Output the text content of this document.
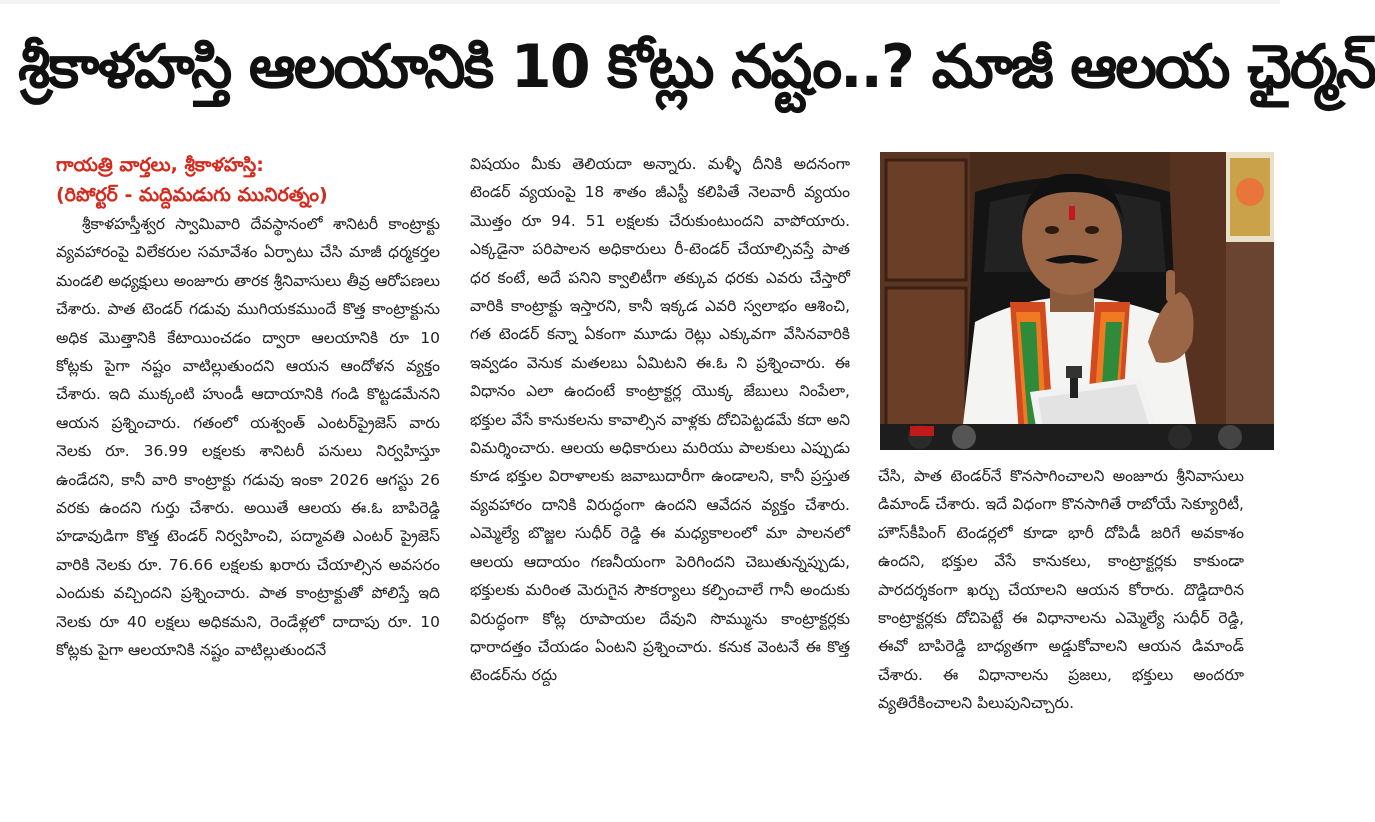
శ్రీకాళహస్తి ఆలయానికి 10 కోట్లు నష్టం..? మాజీ ఆలయ ఛైర్మన్
గాయత్రి వార్తలు, శ్రీకాళహస్తి:
(రిపోర్టర్ - మద్దిమడుగు మునిరత్నం)

శ్రీకాళహస్తీశ్వర స్వామివారి దేవస్థానంలో శానిటరీ కాంట్రాక్టు వ్యవహారంపై విలేకరుల సమావేశం ఏర్పాటు చేసి మాజీ ధర్మకర్తల మండలి అధ్యక్షులు అంజూరు తారక శ్రీనివాసులు తీవ్ర ఆరోపణలు చేశారు. పాత టెండర్ గడువు ముగియకముందే కొత్త కాంట్రాక్టును అధిక మొత్తానికి కేటాయించడం ద్వారా ఆలయానికి రూ 10 కోట్లకు పైగా నష్టం వాటిల్లుతుందని ఆయన ఆందోళన వ్యక్తం చేశారు. ఇది ముక్కంటి హుండీ ఆదాయానికి గండి కొట్టడమేనని ఆయన ప్రశ్నించారు. గతంలో యశ్వంత్ ఎంటర్‌ప్రైజెస్ వారు నెలకు రూ. 36.99 లక్షలకు శానిటరీ పనులు నిర్వహిస్తూ ఉండేదని, కానీ వారి కాంట్రాక్టు గడువు ఇంకా 2026 ఆగస్టు 26 వరకు ఉందని గుర్తు చేశారు. అయితే ఆలయ ఈ.ఓ బాపిరెడ్డి హడావుడిగా కొత్త టెండర్ నిర్వహించి, పద్మావతి ఎంటర్ ప్రైజెస్ వారికి నెలకు రూ. 76.66 లక్షలకు ఖరారు చేయాల్సిన అవసరం ఎందుకు వచ్చిందని ప్రశ్నించారు. పాత కాంట్రాక్టుతో పోలిస్తే ఇది నెలకు రూ 40 లక్షలు అధికమని, రెండేళ్లలో దాదాపు రూ. 10 కోట్లకు పైగా ఆలయానికి నష్టం వాటిల్లుతుందనే

విషయం మీకు తెలియదా అన్నారు. మళ్ళీ దీనికి అదనంగా టెండర్ వ్యయంపై 18 శాతం జీఎస్టీ కలిపితే నెలవారీ వ్యయం మొత్తం రూ 94. 51 లక్షలకు చేరుకుంటుందని వాపోయారు. ఎక్కడైనా పరిపాలన అధికారులు రీ-టెండర్ చేయాల్సివస్తే పాత ధర కంటే, అదే పనిని క్వాలిటీగా తక్కువ ధరకు ఎవరు చేస్తారో వారికి కాంట్రాక్టు ఇస్తారని, కానీ ఇక్కడ ఎవరి స్వలాభం ఆశించి, గత టెండర్ కన్నా ఏకంగా మూడు రెట్లు ఎక్కువగా వేసినవారికి ఇవ్వడం వెనుక మతలబు ఏమిటని ఈ.ఓ ని ప్రశ్నించారు. ఈ విధానం ఎలా ఉందంటే కాంట్రాక్టర్ల యొక్క జేబులు నింపేలా, భక్తుల వేసే కానుకలను కావాల్సిన వాళ్లకు దోచిపెట్టడమే కదా అని విమర్శించారు. ఆలయ అధికారులు మరియు పాలకులు ఎప్పుడు కూడ భక్తుల విరాళాలకు జవాబుదారీగా ఉండాలని, కానీ ప్రస్తుత వ్యవహారం దానికి విరుద్ధంగా ఉందని ఆవేదన వ్యక్తం చేశారు. ఎమ్మెల్యే బొజ్జల సుధీర్ రెడ్డి ఈ మధ్యకాలంలో మా పాలనలో ఆలయ ఆదాయం గణనీయంగా పెరిగిందని చెబుతున్నప్పుడు, భక్తులకు మరింత మెరుగైన సౌకర్యాలు కల్పించాలే గానీ అందుకు విరుద్ధంగా కోట్ల రూపాయల దేవుని సొమ్మును కాంట్రాక్టర్లకు ధారాదత్తం చేయడం ఏంటని ప్రశ్నించారు. కనుక వెంటనే ఈ కొత్త టెండర్‌ను రద్దు

చేసి, పాత టెండర్‌నే కొనసాగించాలని అంజూరు శ్రీనివాసులు డిమాండ్ చేశారు. ఇదే విధంగా కొనసాగితే రాబోయే సెక్యూరిటీ, హౌస్‌కీపింగ్ టెండర్లలో కూడా భారీ దోపిడీ జరిగే అవకాశం ఉందని, భక్తుల వేసే కానుకలు, కాంట్రాక్టర్లకు కాకుండా పారదర్శకంగా ఖర్చు చేయాలని ఆయన కోరారు. దొడ్డిదారిన కాంట్రాక్టర్లకు దోచిపెట్టే ఈ విధానాలను ఎమ్మెల్యే సుధీర్ రెడ్డి, ఈవో బాపిరెడ్డి బాధ్యతగా అడ్డుకోవాలని ఆయన డిమాండ్ చేశారు. ఈ విధానాలను ప్రజలు, భక్తులు అందరూ వ్యతిరేకించాలని పిలుపునిచ్చారు.
